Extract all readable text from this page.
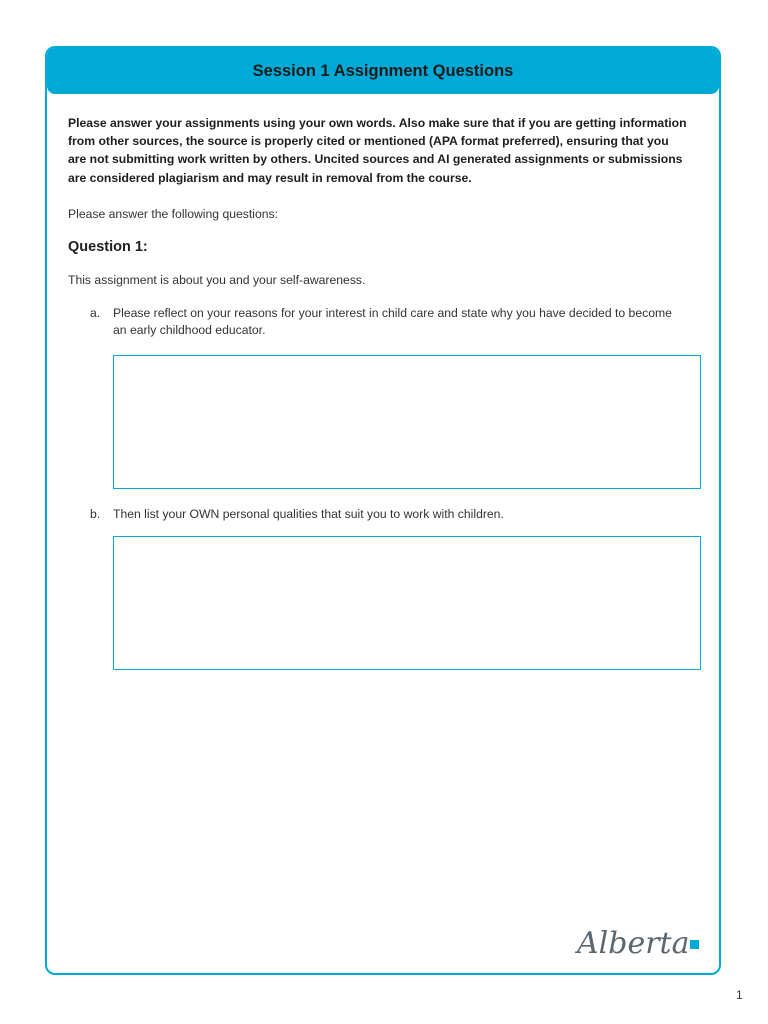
Session 1 Assignment Questions

Please answer your assignments using your own words. Also make sure that if you are getting information from other sources, the source is properly cited or mentioned (APA format preferred), ensuring that you are not submitting work written by others. Uncited sources and AI generated assignments or submissions are considered plagiarism and may result in removal from the course.

Please answer the following questions:

Question 1:

This assignment is about you and your self-awareness.

a. Please reflect on your reasons for your interest in child care and state why you have decided to become an early childhood educator.
b. Then list your OWN personal qualities that suit you to work with children.
Alberta
1
